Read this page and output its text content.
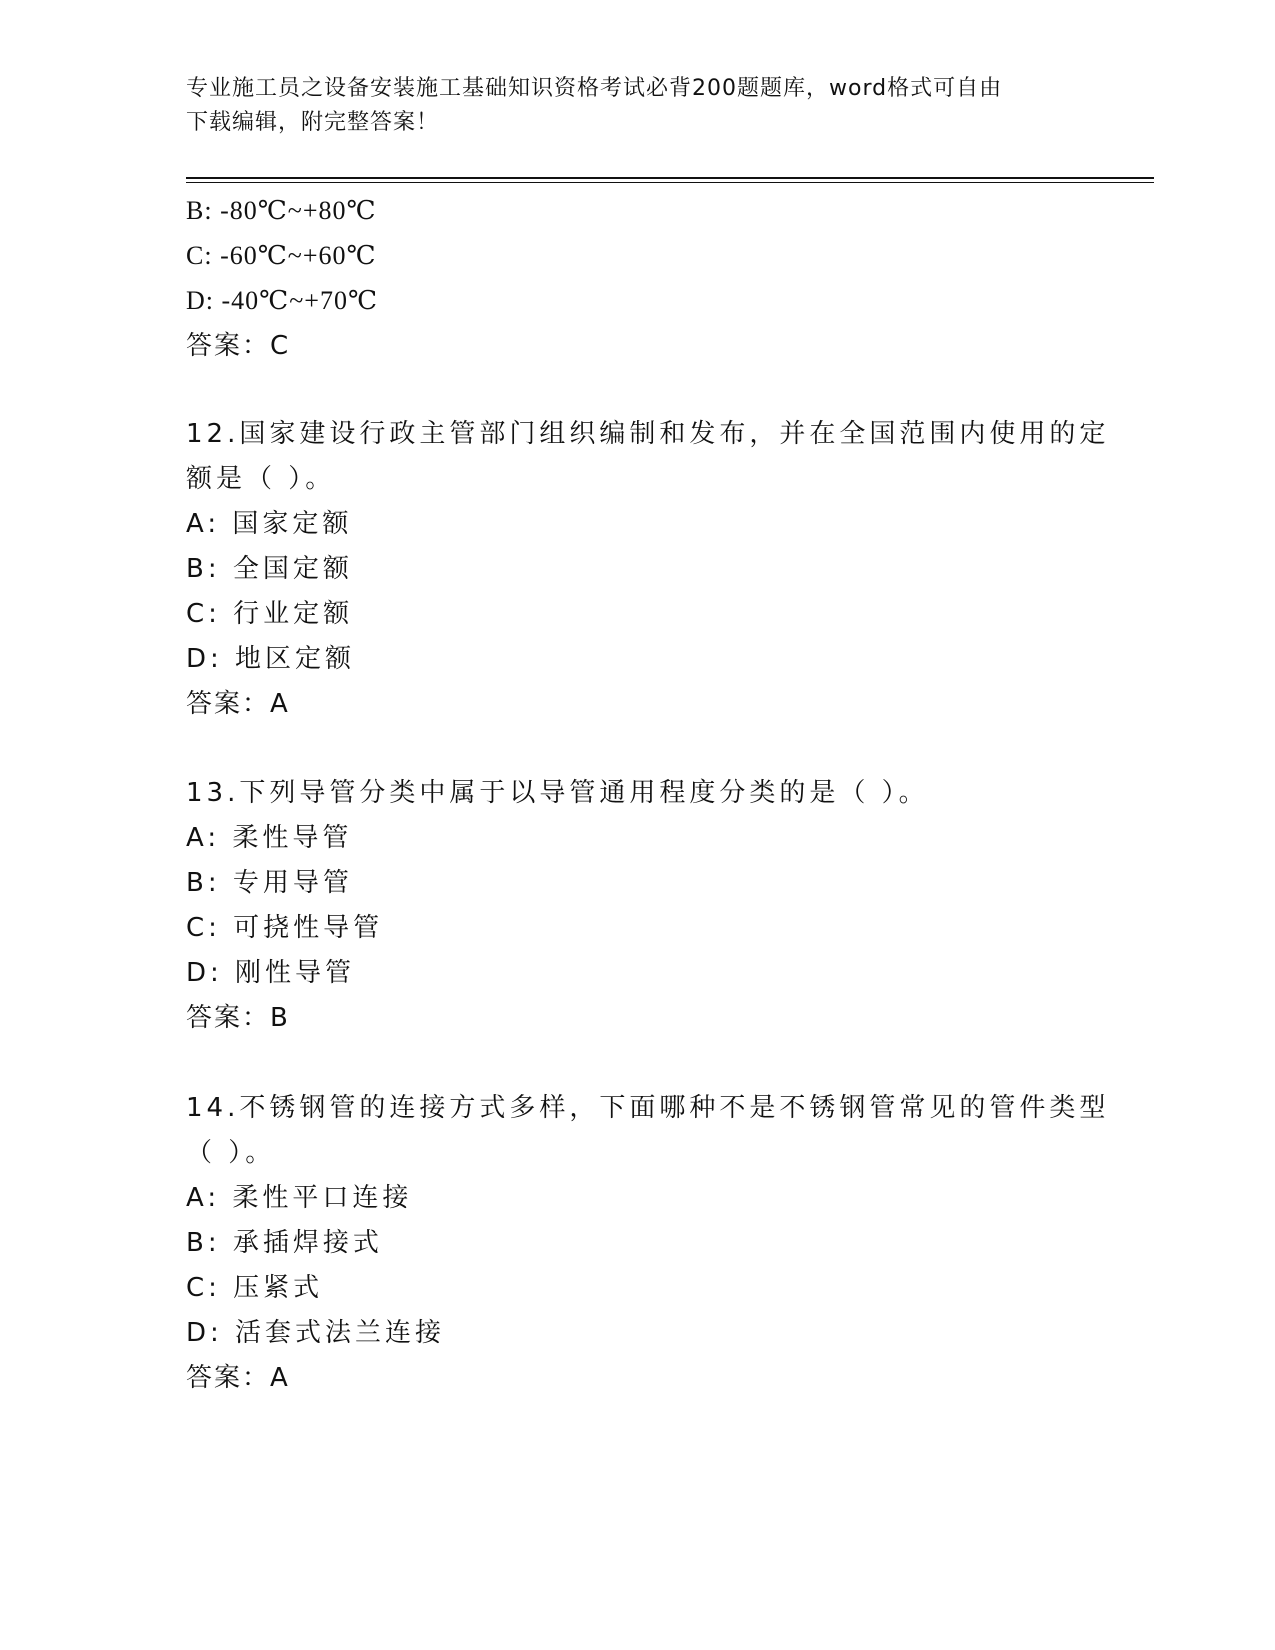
专业施工员之设备安装施工基础知识资格考试必背200题题库，word格式可自由
下载编辑，附完整答案！
B: -80℃~+80℃
C: -60℃~+60℃
D: -40℃~+70℃
答案：C
12.国家建设行政主管部门组织编制和发布，并在全国范围内使用的定
额是（ ）。
A: 国家定额
B: 全国定额
C: 行业定额
D: 地区定额
答案：A
13.下列导管分类中属于以导管通用程度分类的是（ ）。
A: 柔性导管
B: 专用导管
C: 可挠性导管
D: 刚性导管
答案：B
14.不锈钢管的连接方式多样，下面哪种不是不锈钢管常见的管件类型
（ ）。
A: 柔性平口连接
B: 承插焊接式
C: 压紧式
D: 活套式法兰连接
答案：A
